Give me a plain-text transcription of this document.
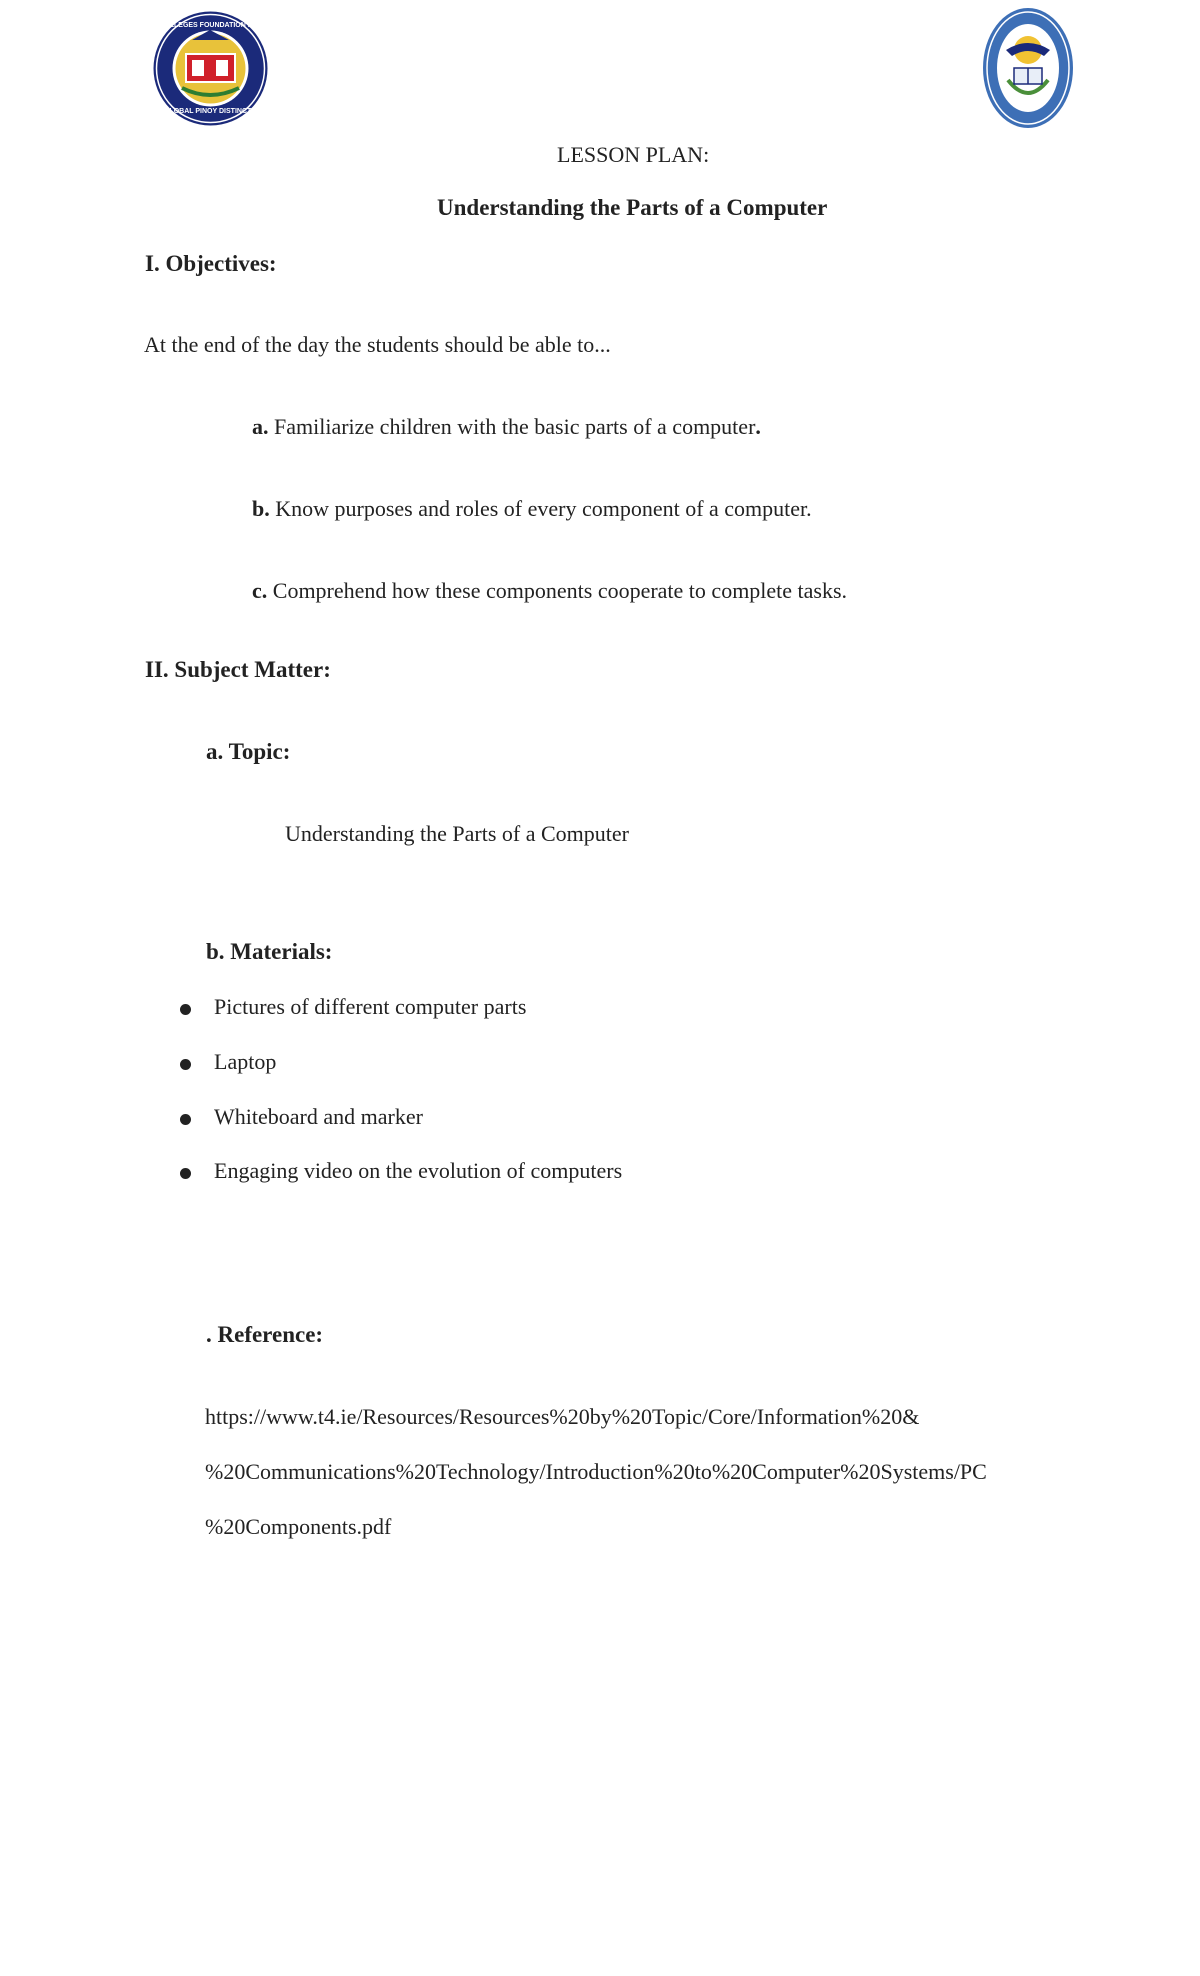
A GLOBAL PINOY DISTINCTION
COLLEGES FOUNDATION INC.
LESSON PLAN:
Understanding the Parts of a Computer
I. Objectives:
At the end of the day the students should be able to...
a. Familiarize children with the basic parts of a computer.
b. Know purposes and roles of every component of a computer.
c. Comprehend how these components cooperate to complete tasks.
II. Subject Matter:
a. Topic:
Understanding the Parts of a Computer
b. Materials:
Pictures of different computer parts
Laptop
Whiteboard and marker
Engaging video on the evolution of computers
. Reference:
https://www.t4.ie/Resources/Resources%20by%20Topic/Core/Information%20&
%20Communications%20Technology/Introduction%20to%20Computer%20Systems/PC
%20Components.pdf
